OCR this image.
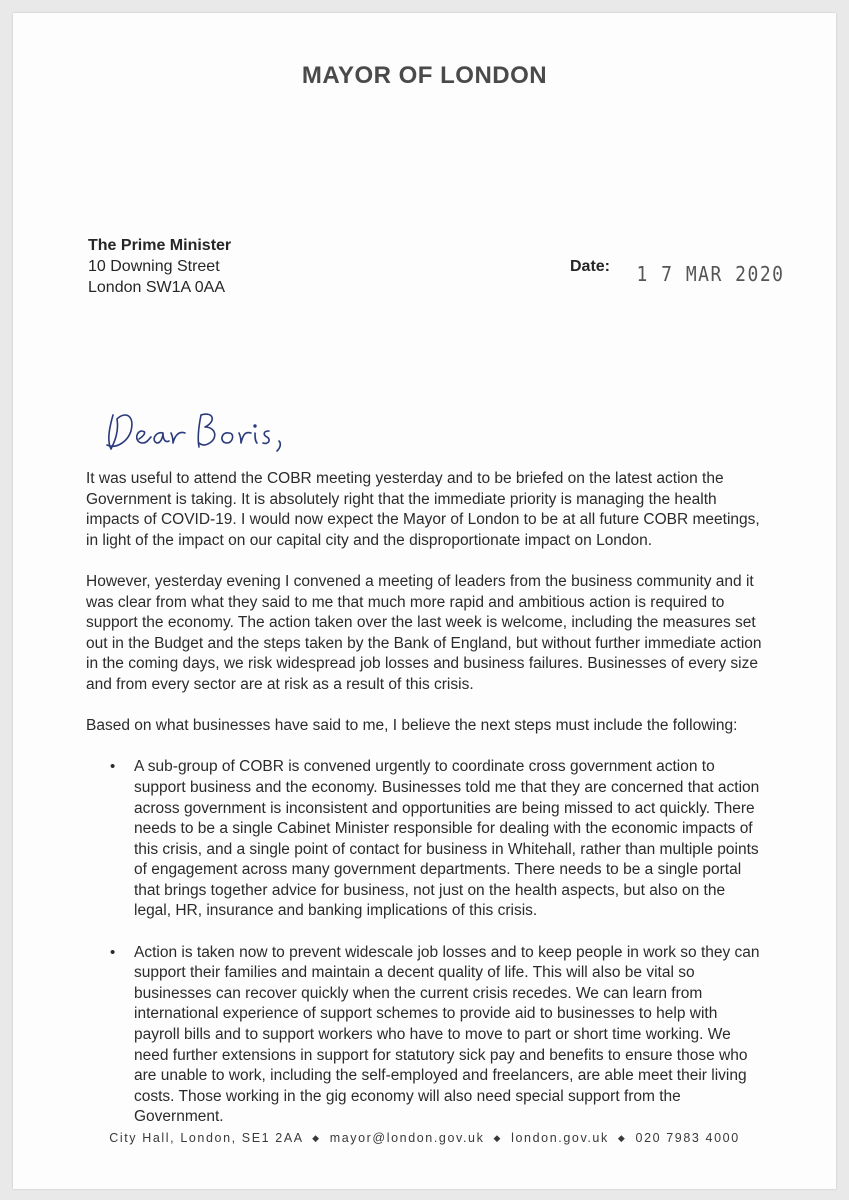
MAYOR OF LONDON
The Prime Minister
10 Downing Street
London SW1A 0AA
Date: 1 7 MAR 2020

It was useful to attend the COBR meeting yesterday and to be briefed on the latest action the Government is taking. It is absolutely right that the immediate priority is managing the health impacts of COVID-19. I would now expect the Mayor of London to be at all future COBR meetings, in light of the impact on our capital city and the disproportionate impact on London.

However, yesterday evening I convened a meeting of leaders from the business community and it was clear from what they said to me that much more rapid and ambitious action is required to support the economy. The action taken over the last week is welcome, including the measures set out in the Budget and the steps taken by the Bank of England, but without further immediate action in the coming days, we risk widespread job losses and business failures. Businesses of every size and from every sector are at risk as a result of this crisis.

Based on what businesses have said to me, I believe the next steps must include the following:

• A sub-group of COBR is convened urgently to coordinate cross government action to support business and the economy. Businesses told me that they are concerned that action across government is inconsistent and opportunities are being missed to act quickly. There needs to be a single Cabinet Minister responsible for dealing with the economic impacts of this crisis, and a single point of contact for business in Whitehall, rather than multiple points of engagement across many government departments. There needs to be a single portal that brings together advice for business, not just on the health aspects, but also on the legal, HR, insurance and banking implications of this crisis.
• Action is taken now to prevent widescale job losses and to keep people in work so they can support their families and maintain a decent quality of life. This will also be vital so businesses can recover quickly when the current crisis recedes. We can learn from international experience of support schemes to provide aid to businesses to help with payroll bills and to support workers who have to move to part or short time working. We need further extensions in support for statutory sick pay and benefits to ensure those who are unable to work, including the self-employed and freelancers, are able meet their living costs. Those working in the gig economy will also need special support from the Government.
City Hall, London, SE1 2AA ◆ mayor@london.gov.uk ◆ london.gov.uk ◆ 020 7983 4000
